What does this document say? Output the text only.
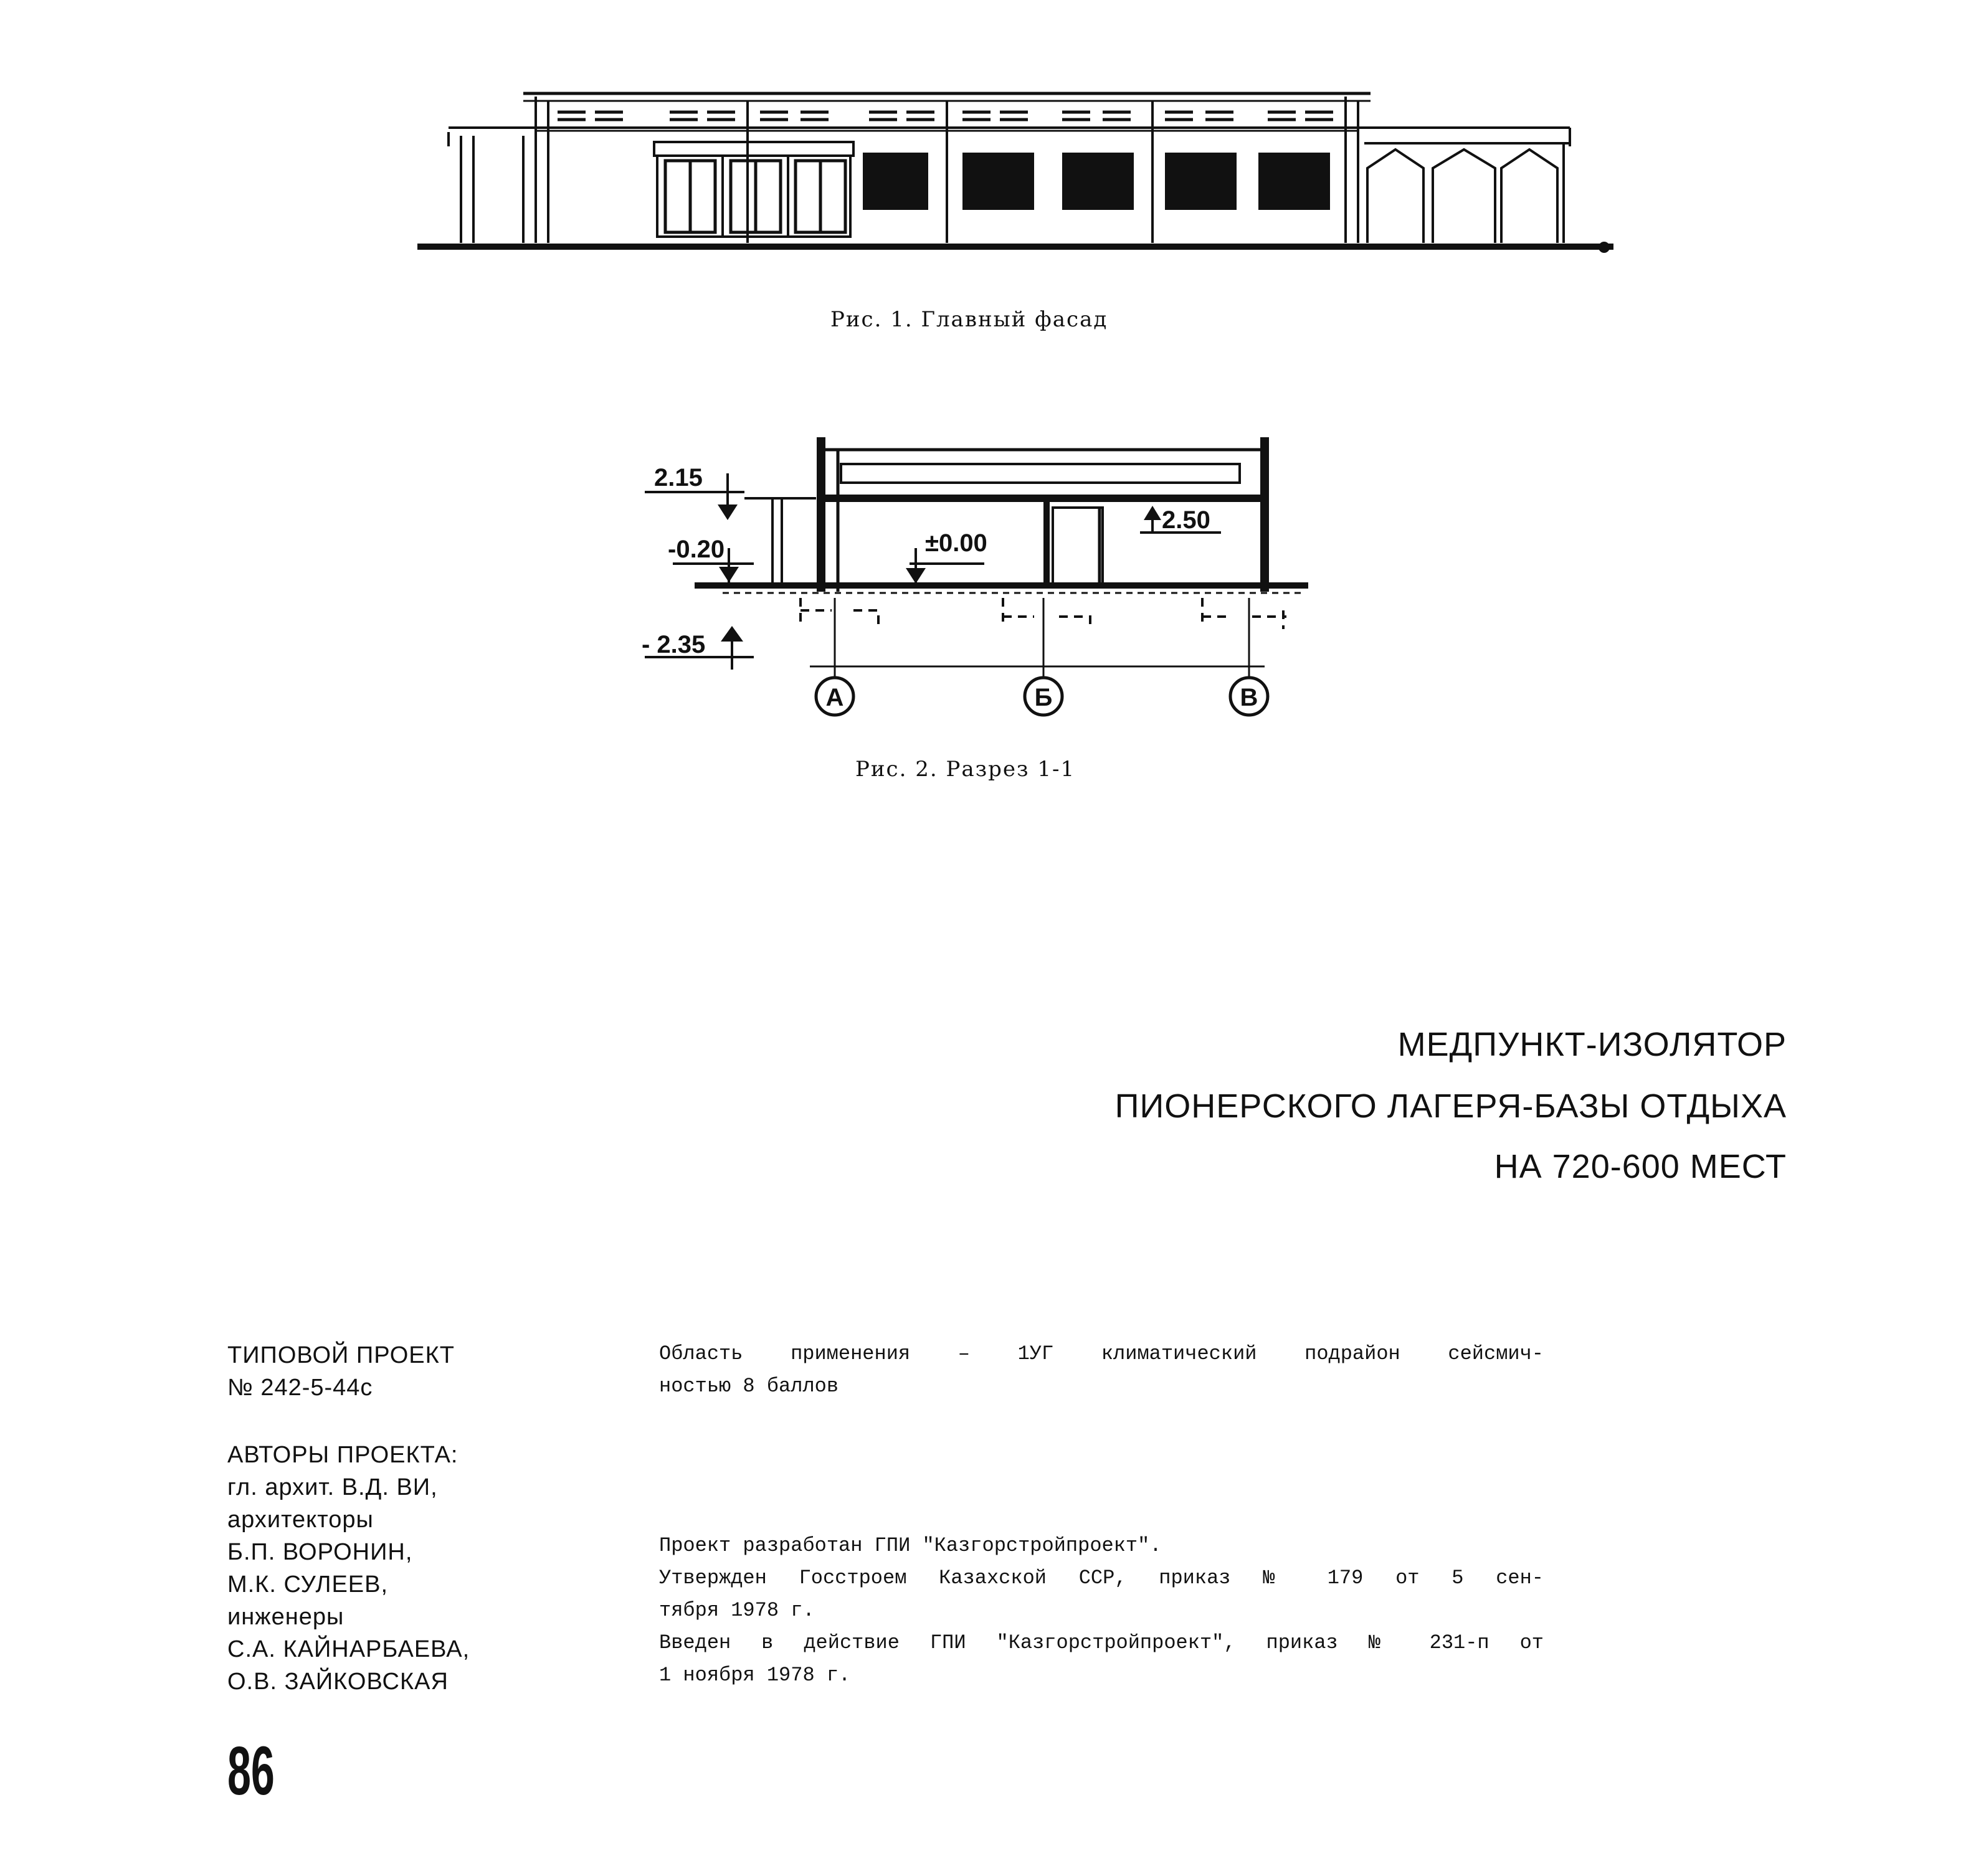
Рис. 1. Главный фасад
2.15
-0.20	±0.00
2.50
- 2.35
А	Б	В
Рис. 2. Разрез 1-1
МЕДПУНКТ-ИЗОЛЯТОР
ПИОНЕРСКОГО ЛАГЕРЯ-БАЗЫ ОТДЫХА
НА 720-600 МЕСТ
ТИПОВОЙ ПРОЕКТ
№ 242-5-44с
АВТОРЫ ПРОЕКТА:
гл. архит. В.Д. ВИ,
архитекторы
Б.П. ВОРОНИН,
М.К. СУЛЕЕВ,
инженеры
С.А. КАЙНАРБАЕВА,
О.В. ЗАЙКОВСКАЯ
Область применения – 1УГ климатический подрайон сейсмич-
ностью 8 баллов
Проект разработан ГПИ "Казгорстройпроект".
Утвержден Госстроем Казахской ССР, приказ № 179 от 5 сен-
тября 1978 г.
Введен в действие ГПИ "Казгорстройпроект", приказ № 231-п от
1 ноября 1978 г.
86
